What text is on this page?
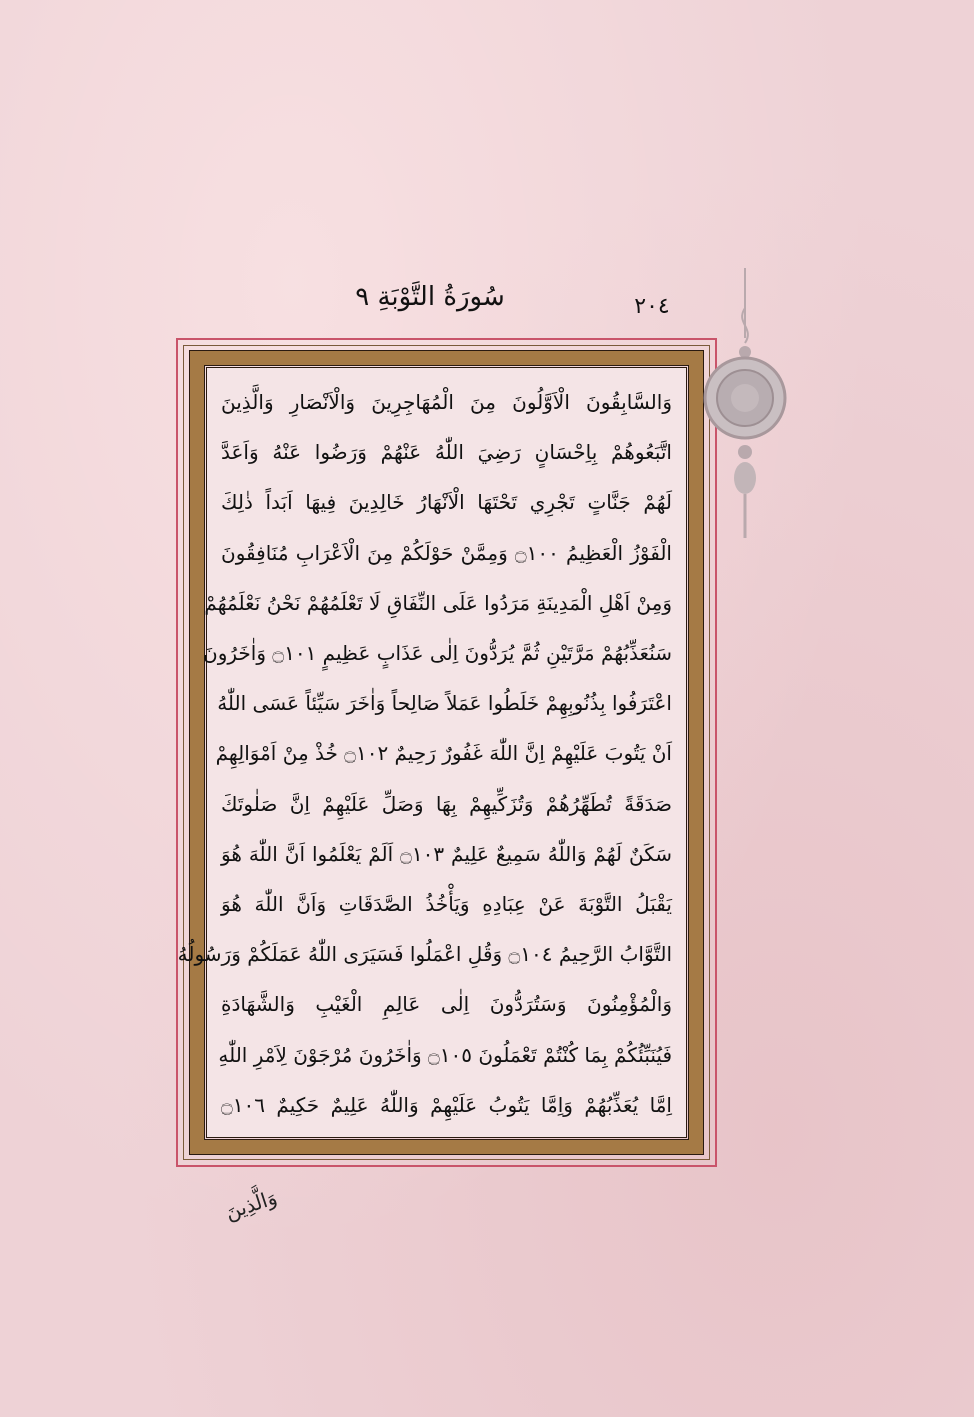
سُورَةُ التَّوْبَةِ ٩	٢٠٤
وَالسَّابِقُونَ الْاَوَّلُونَ مِنَ الْمُهَاجِرِينَ وَالْاَنْصَارِ وَالَّذِينَ
اتَّبَعُوهُمْ بِاِحْسَانٍ رَضِيَ اللّٰهُ عَنْهُمْ وَرَضُوا عَنْهُ وَاَعَدَّ
لَهُمْ جَنَّاتٍ تَجْرِي تَحْتَهَا الْاَنْهَارُ خَالِدِينَ فِيهَا اَبَداً ذٰلِكَ
الْفَوْزُ الْعَظِيمُ ۝١٠٠ وَمِمَّنْ حَوْلَكُمْ مِنَ الْاَعْرَابِ مُنَافِقُونَ
وَمِنْ اَهْلِ الْمَدِينَةِ مَرَدُوا عَلَى النِّفَاقِ لَا تَعْلَمُهُمْ نَحْنُ نَعْلَمُهُمْ
سَنُعَذِّبُهُمْ مَرَّتَيْنِ ثُمَّ يُرَدُّونَ اِلٰى عَذَابٍ عَظِيمٍ ۝١٠١ وَاٰخَرُونَ
اعْتَرَفُوا بِذُنُوبِهِمْ خَلَطُوا عَمَلاً صَالِحاً وَاٰخَرَ سَيِّئاً عَسَى اللّٰهُ
اَنْ يَتُوبَ عَلَيْهِمْ اِنَّ اللّٰهَ غَفُورٌ رَحِيمٌ ۝١٠٢ خُذْ مِنْ اَمْوَالِهِمْ
صَدَقَةً تُطَهِّرُهُمْ وَتُزَكِّيهِمْ بِهَا وَصَلِّ عَلَيْهِمْ اِنَّ صَلٰوتَكَ
سَكَنٌ لَهُمْ وَاللّٰهُ سَمِيعٌ عَلِيمٌ ۝١٠٣ اَلَمْ يَعْلَمُوا اَنَّ اللّٰهَ هُوَ
يَقْبَلُ التَّوْبَةَ عَنْ عِبَادِهِ وَيَأْخُذُ الصَّدَقَاتِ وَاَنَّ اللّٰهَ هُوَ
التَّوَّابُ الرَّحِيمُ ۝١٠٤ وَقُلِ اعْمَلُوا فَسَيَرَى اللّٰهُ عَمَلَكُمْ وَرَسُولُهُ
وَالْمُؤْمِنُونَ وَسَتُرَدُّونَ اِلٰى عَالِمِ الْغَيْبِ وَالشَّهَادَةِ
فَيُنَبِّئُكُمْ بِمَا كُنْتُمْ تَعْمَلُونَ ۝١٠٥ وَاٰخَرُونَ مُرْجَوْنَ لِاَمْرِ اللّٰهِ
اِمَّا يُعَذِّبُهُمْ وَاِمَّا يَتُوبُ عَلَيْهِمْ وَاللّٰهُ عَلِيمٌ حَكِيمٌ ۝١٠٦
وَالَّذِينَ
